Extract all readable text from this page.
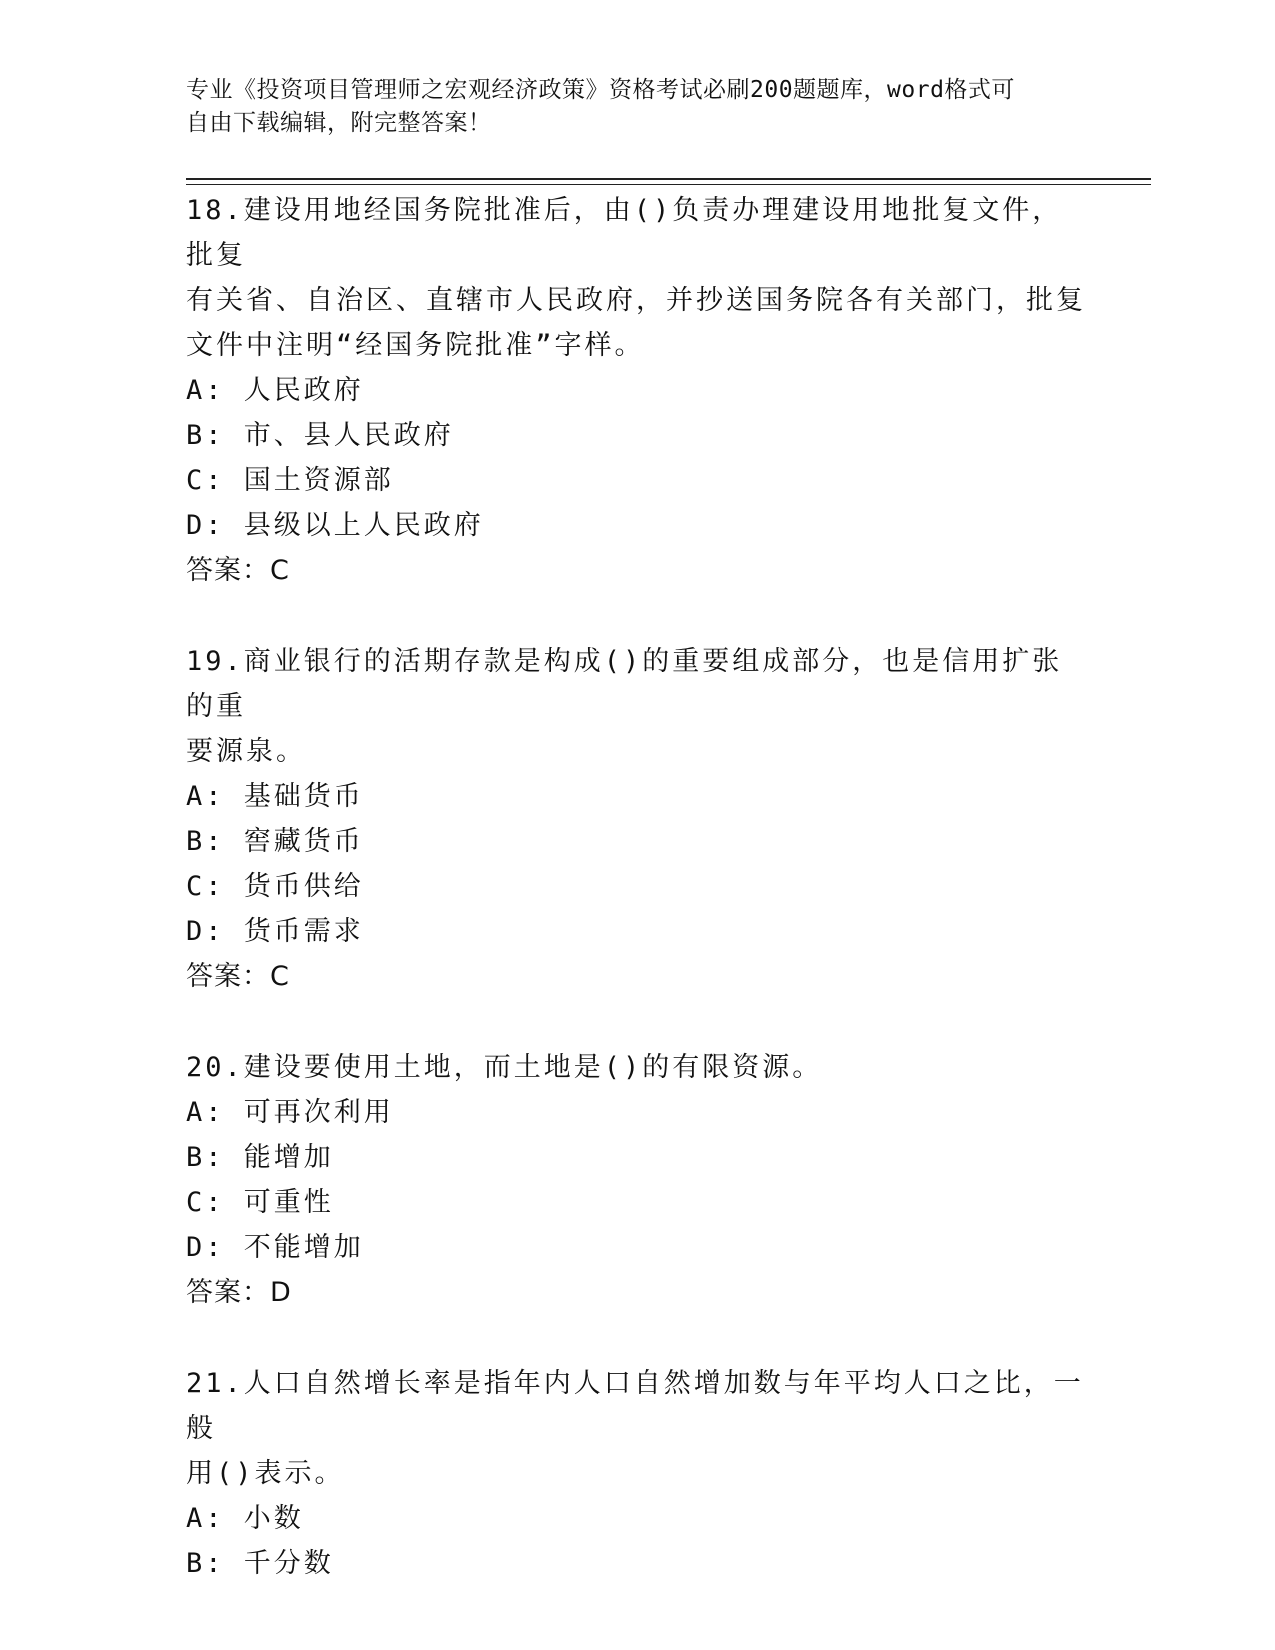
专业《投资项目管理师之宏观经济政策》资格考试必刷200题题库，word格式可
自由下载编辑，附完整答案！

18.建设用地经国务院批准后，由()负责办理建设用地批复文件，批复

有关省、自治区、直辖市人民政府，并抄送国务院各有关部门，批复

文件中注明“经国务院批准”字样。

A: 人民政府

B: 市、县人民政府

C: 国土资源部

D: 县级以上人民政府

答案：C

19.商业银行的活期存款是构成()的重要组成部分，也是信用扩张的重

要源泉。

A: 基础货币

B: 窖藏货币

C: 货币供给

D: 货币需求

答案：C

20.建设要使用土地，而土地是()的有限资源。

A: 可再次利用

B: 能增加

C: 可重性

D: 不能增加

答案：D

21.人口自然增长率是指年内人口自然增加数与年平均人口之比，一般

用()表示。

A: 小数

B: 千分数
